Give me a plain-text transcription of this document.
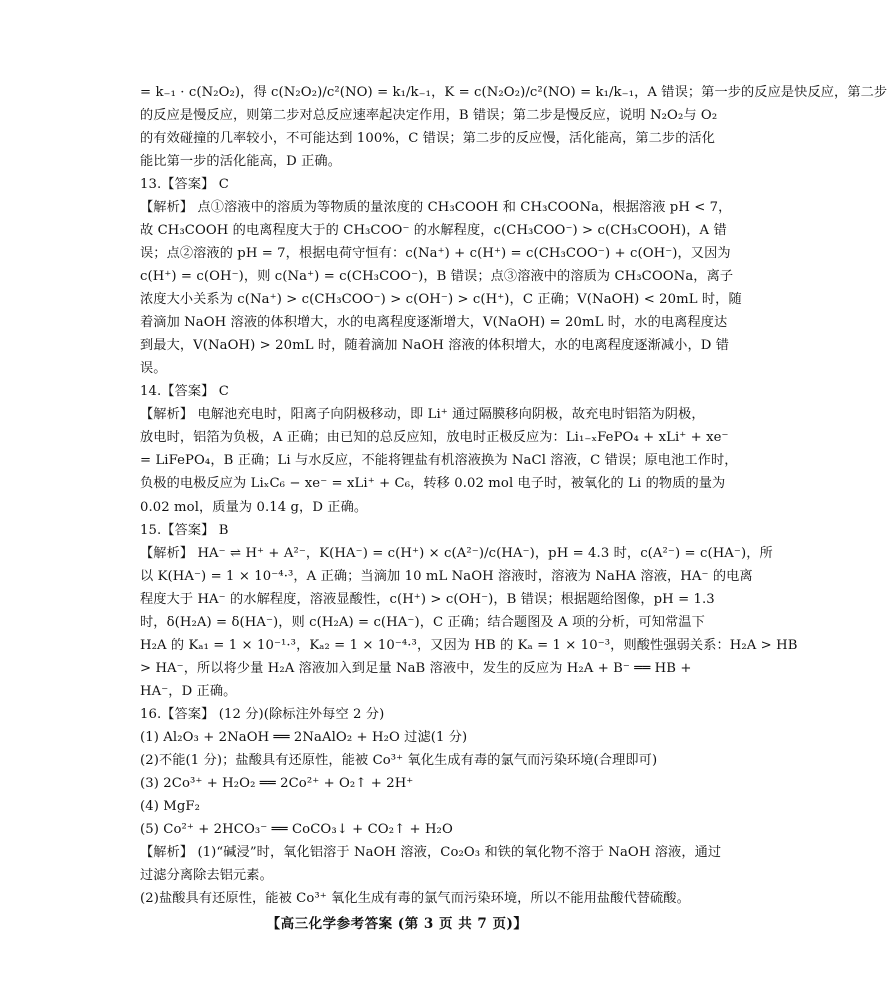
= k₋₁ · c(N₂O₂)，得 c(N₂O₂)/c²(NO) = k₁/k₋₁，K = c(N₂O₂)/c²(NO) = k₁/k₋₁，A 错误；第一步的反应是快反应，第二步
的反应是慢反应，则第二步对总反应速率起决定作用，B 错误；第二步是慢反应，说明 N₂O₂与 O₂
的有效碰撞的几率较小，不可能达到 100%，C 错误；第二步的反应慢，活化能高，第二步的活化
能比第一步的活化能高，D 正确。
13.【答案】 C
【解析】 点①溶液中的溶质为等物质的量浓度的 CH₃COOH 和 CH₃COONa，根据溶液 pH < 7，
故 CH₃COOH 的电离程度大于的 CH₃COO⁻ 的水解程度，c(CH₃COO⁻) > c(CH₃COOH)，A 错
误；点②溶液的 pH = 7，根据电荷守恒有：c(Na⁺) + c(H⁺) = c(CH₃COO⁻) + c(OH⁻)，又因为
c(H⁺) = c(OH⁻)，则 c(Na⁺) = c(CH₃COO⁻)，B 错误；点③溶液中的溶质为 CH₃COONa，离子
浓度大小关系为 c(Na⁺) > c(CH₃COO⁻) > c(OH⁻) > c(H⁺)，C 正确；V(NaOH) < 20mL 时，随
着滴加 NaOH 溶液的体积增大，水的电离程度逐渐增大，V(NaOH) = 20mL 时，水的电离程度达
到最大，V(NaOH) > 20mL 时，随着滴加 NaOH 溶液的体积增大，水的电离程度逐渐减小，D 错
误。
14.【答案】 C
【解析】 电解池充电时，阳离子向阴极移动，即 Li⁺ 通过隔膜移向阴极，故充电时铝箔为阴极，
放电时，铝箔为负极，A 正确；由已知的总反应知，放电时正极反应为：Li₁₋ₓFePO₄ + xLi⁺ + xe⁻
= LiFePO₄，B 正确；Li 与水反应，不能将锂盐有机溶液换为 NaCl 溶液，C 错误；原电池工作时，
负极的电极反应为 LiₓC₆ − xe⁻ = xLi⁺ + C₆，转移 0.02 mol 电子时，被氧化的 Li 的物质的量为
0.02 mol，质量为 0.14 g，D 正确。
15.【答案】 B
【解析】 HA⁻ ⇌ H⁺ + A²⁻，K(HA⁻) = c(H⁺) × c(A²⁻)/c(HA⁻)，pH = 4.3 时，c(A²⁻) = c(HA⁻)，所
以 K(HA⁻) = 1 × 10⁻⁴·³，A 正确；当滴加 10 mL NaOH 溶液时，溶液为 NaHA 溶液，HA⁻ 的电离
程度大于 HA⁻ 的水解程度，溶液显酸性，c(H⁺) > c(OH⁻)，B 错误；根据题给图像，pH = 1.3
时，δ(H₂A) = δ(HA⁻)，则 c(H₂A) = c(HA⁻)，C 正确；结合题图及 A 项的分析，可知常温下
H₂A 的 Kₐ₁ = 1 × 10⁻¹·³，Kₐ₂ = 1 × 10⁻⁴·³，又因为 HB 的 Kₐ = 1 × 10⁻³，则酸性强弱关系：H₂A > HB
> HA⁻，所以将少量 H₂A 溶液加入到足量 NaB 溶液中，发生的反应为 H₂A + B⁻ ══ HB +
HA⁻，D 正确。
16.【答案】 (12 分)(除标注外每空 2 分)
(1) Al₂O₃ + 2NaOH ══ 2NaAlO₂ + H₂O 过滤(1 分)
(2)不能(1 分)；盐酸具有还原性，能被 Co³⁺ 氧化生成有毒的氯气而污染环境(合理即可)
(3) 2Co³⁺ + H₂O₂ ══ 2Co²⁺ + O₂↑ + 2H⁺
(4) MgF₂
(5) Co²⁺ + 2HCO₃⁻ ══ CoCO₃↓ + CO₂↑ + H₂O
【解析】 (1)“碱浸”时，氧化铝溶于 NaOH 溶液，Co₂O₃ 和铁的氧化物不溶于 NaOH 溶液，通过
过滤分离除去铝元素。
(2)盐酸具有还原性，能被 Co³⁺ 氧化生成有毒的氯气而污染环境，所以不能用盐酸代替硫酸。
【高三化学参考答案 (第 3 页 共 7 页)】
